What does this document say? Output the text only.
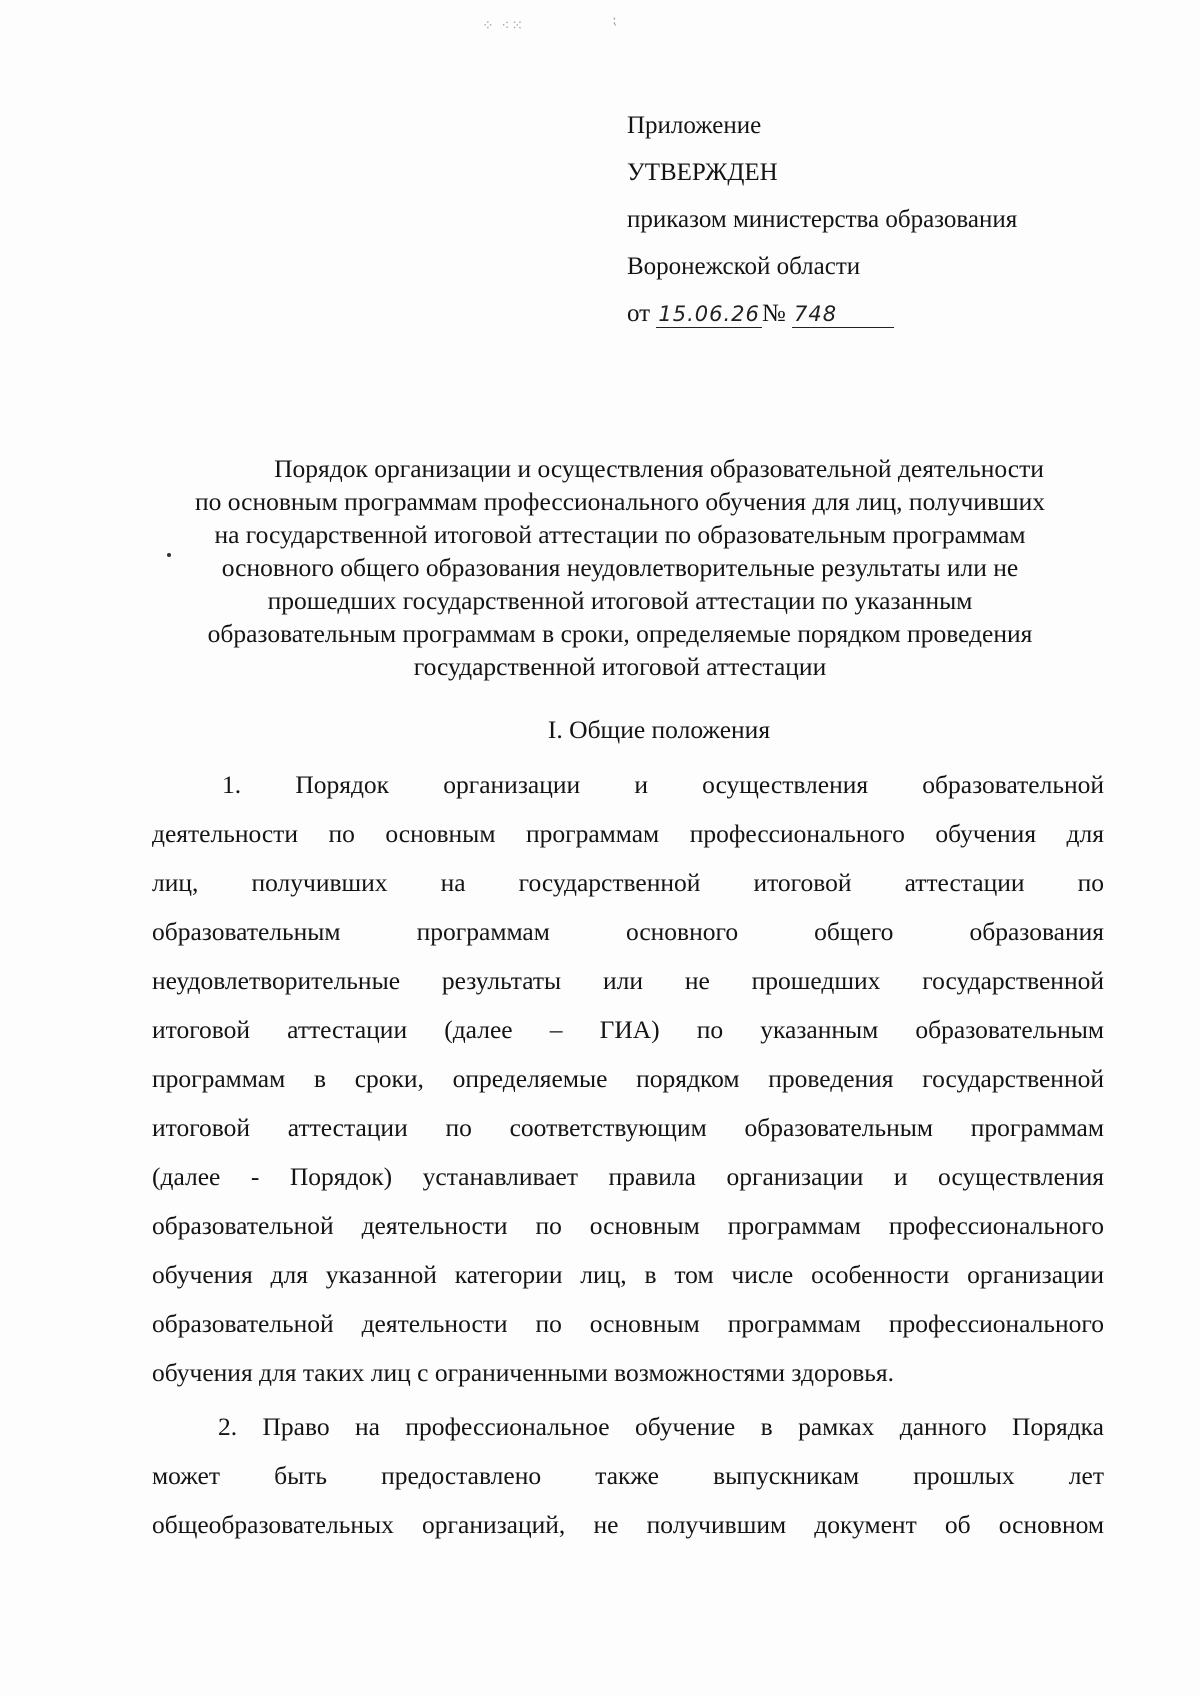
⁘ ⁖⁙	⁏
Приложение
УТВЕРЖДЕН
приказом министерства образования
Воронежской области
от 15.06.26№ 748
Порядок организации и осуществления образовательной деятельности
по основным программам профессионального обучения для лиц, получивших
на государственной итоговой аттестации по образовательным программам
основного общего образования неудовлетворительные результаты или не
прошедших государственной итоговой аттестации по указанным
образовательным программам в сроки, определяемые порядком проведения
государственной итоговой аттестации
I. Общие положения
1. Порядок организации и осуществления образовательной
деятельности по основным программам профессионального обучения для
лиц, получивших на государственной итоговой аттестации по
образовательным программам основного общего образования
неудовлетворительные результаты или не прошедших государственной
итоговой аттестации (далее – ГИА) по указанным образовательным
программам в сроки, определяемые порядком проведения государственной
итоговой аттестации по соответствующим образовательным программам
(далее - Порядок) устанавливает правила организации и осуществления
образовательной деятельности по основным программам профессионального
обучения для указанной категории лиц, в том числе особенности организации
образовательной деятельности по основным программам профессионального
обучения для таких лиц с ограниченными возможностями здоровья.
2. Право на профессиональное обучение в рамках данного Порядка
может быть предоставлено также выпускникам прошлых лет
общеобразовательных организаций, не получившим документ об основном
